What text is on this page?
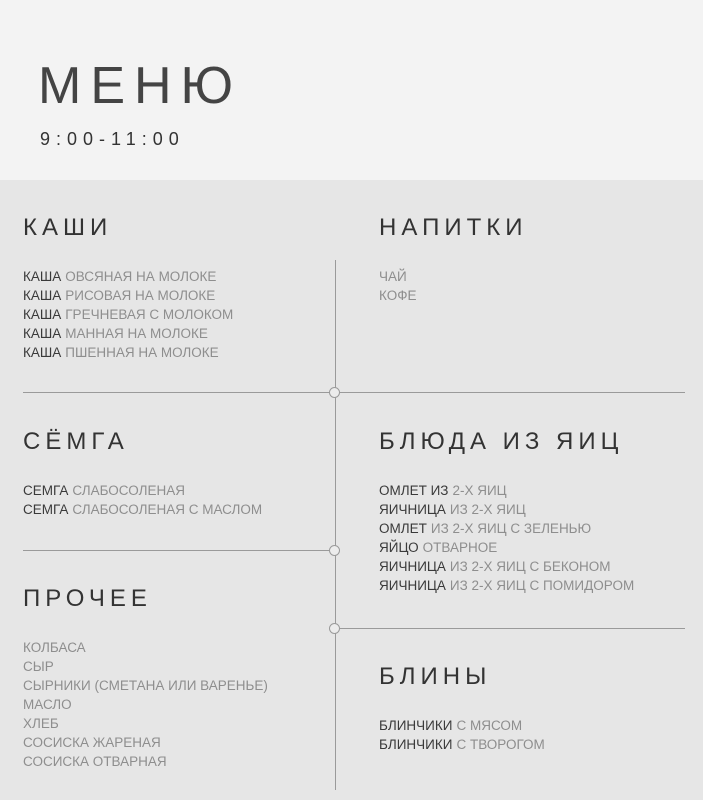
МЕНЮ
9:00-11:00
КАШИ
КАША ОВСЯНАЯ НА МОЛОКЕ
КАША РИСОВАЯ НА МОЛОКЕ
КАША ГРЕЧНЕВАЯ С МОЛОКОМ
КАША МАННАЯ НА МОЛОКЕ
КАША ПШЕННАЯ НА МОЛОКЕ
НАПИТКИ
ЧАЙ
КОФЕ
СЁМГА
СЕМГА СЛАБОСОЛЕНАЯ
СЕМГА СЛАБОСОЛЕНАЯ С МАСЛОМ
БЛЮДА ИЗ ЯИЦ
ОМЛЕТ ИЗ 2-Х ЯИЦ
ЯИЧНИЦА ИЗ 2-Х ЯИЦ
ОМЛЕТ ИЗ 2-Х ЯИЦ С ЗЕЛЕНЬЮ
ЯЙЦО ОТВАРНОЕ
ЯИЧНИЦА ИЗ 2-Х ЯИЦ С БЕКОНОМ
ЯИЧНИЦА ИЗ 2-Х ЯИЦ С ПОМИДОРОМ
ПРОЧЕЕ
КОЛБАСА
СЫР
СЫРНИКИ (СМЕТАНА ИЛИ ВАРЕНЬЕ)
МАСЛО
ХЛЕБ
СОСИСКА ЖАРЕНАЯ
СОСИСКА ОТВАРНАЯ
БЛИНЫ
БЛИНЧИКИ С МЯСОМ
БЛИНЧИКИ С ТВОРОГОМ
